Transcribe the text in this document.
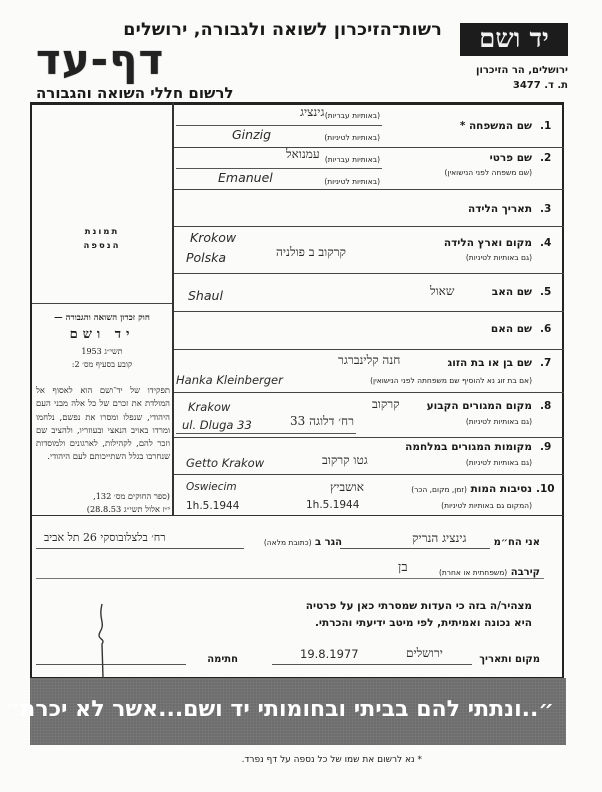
רשות־הזיכרון לשואה ולגבורה, ירושלים
דף-עד
לרשום חללי השואה והגבורה
יד ושם
ירושלים, הר הזיכרון
ת. ד. 3477
תמונת
הנספה
חוק זכרון השואה והגבורה —
יד ושם
תשי״ג 1953
קובע בסעיף מס׳ 2:
תפקידו של יד־ושם הוא לאסוף אל המולדת את זכרם של כל אלה מבני העם היהודי, שנפלו ומסרו את נפשם, נלחמו ומרדו באויב הנאצי ובעוזריו, ולהציב שם וזכר להם, לקהילות, לארגונים ולמוסדות שנחרבו בגלל השתייכותם לעם היהודי.
(ספר החוקים מס׳ 132,
י״ז אלול תשי״ג 28.8.53)
.1
שם המשפחה *
(באותיות עבריות)
גינציג
(באותיות לטיניות)
Ginzig
.2
שם פרטי
(שם משפחה לפני הנישואין)
(באותיות עבריות)
עמנואל
(באותיות לטיניות)
Emanuel
.3
תאריך הלידה
.4
מקום וארץ הלידה
(גם באותיות לטיניות)
קרקוב ב פולניה
Krokow
Polska
.5
שם האב
שאול
Shaul
.6
שם האם
.7
שם בן או בת הזוג
חנה קלינברגר
(אם בת זוג נא להוסיף שם משפחתה לפני הנישואין)
Hanka Kleinberger
.8
מקום המגורים הקבוע
(גם באותיות לטיניות)
קרקוב
רח׳ דלוגה 33
Krakow
ul. Dluga 33
.9
מקומות המגורים במלחמה
(גם באותיות לטיניות)
גטו קרקוב
Getto Krakow
.10
נסיבות המות (זמן, מקום, הכר)
(המקום גם באותיות לטיניות)
אושביץ
1h.5.1944
Oswiecim
1h.5.1944
אני הח״מ
גינציג הנריק
הגר ב (כתובת מלאה)
רח׳ בלצלובוסקי 26 תל אביב
קירבה (משפחתית או אחרת)
בן
מצהיר/ה בזה כי העדות שמסרתי כאן על פרטיה
היא נכונה ואמיתית, לפי מיטב ידיעתי והכרתי.
מקום ותאריך
ירושלים
19.8.1977
חתימה
״..ונתתי להם בביתי ובחומותי יד ושם...אשר לא יכרת״
* נא לרשום את שמו של כל נספה על דף נפרד.
